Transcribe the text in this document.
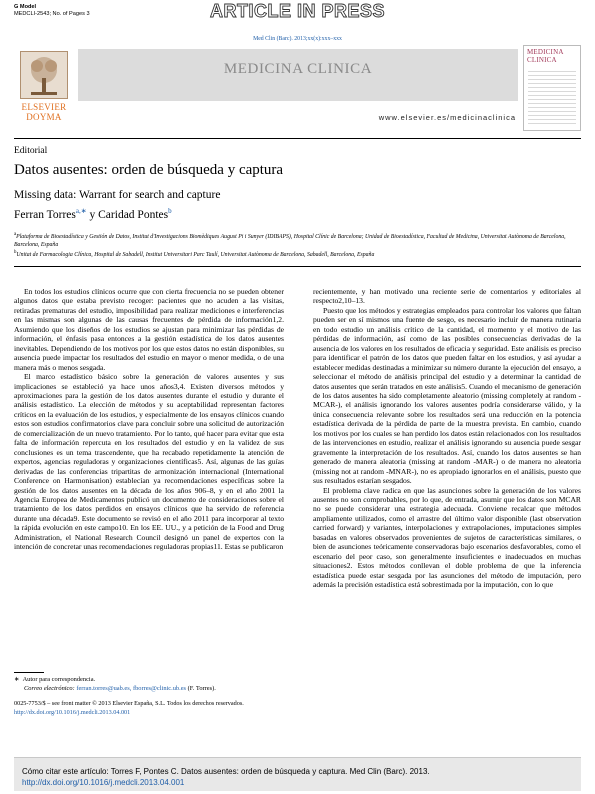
G Model
MEDCLI-2543; No. of Pages 3	ARTICLE IN PRESS
Med Clin (Barc). 2013;xx(x):xxx–xxx
ELSEVIER
DOYMA
MEDICINA CLINICA
www.elsevier.es/medicinaclinica
MEDICINA
CLINICA
Editorial
Datos ausentes: orden de búsqueda y captura
Missing data: Warrant for search and capture
Ferran Torres$^{a,∗}$ y Caridad Pontes$^b$
$^a$Plataforma de Bioestadística y Gestión de Datos, Institut d'Investigacions Biomèdiques August Pi i Sunyer (IDIBAPS), Hospital Clínic de Barcelona; Unidad de Bioestadística, Facultad de Medicina, Universitat Autònoma de Barcelona, Barcelona, España
$^b$Unitat de Farmacologia Clínica, Hospital de Sabadell, Institut Universitari Parc Taulí, Universitat Autònoma de Barcelona, Sabadell, Barcelona, España

En todos los estudios clínicos ocurre que con cierta frecuencia no se pueden obtener algunos datos que estaba previsto recoger: pacientes que no acuden a las visitas, retiradas prematuras del estudio, imposibilidad para realizar mediciones e interferencias en las mismas son algunas de las causas frecuentes de pérdida de información1,2. Asumiendo que los diseños de los estudios se ajustan para minimizar las pérdidas de información, el énfasis pasa entonces a la gestión estadística de los datos ausentes inevitables. Dependiendo de los motivos por los que estos datos no están disponibles, su ausencia puede impactar los resultados del estudio en mayor o menor medida, o de una manera más o menos sesgada.

El marco estadístico básico sobre la generación de valores ausentes y sus implicaciones se estableció ya hace unos años3,4. Existen diversos métodos y aproximaciones para la gestión de los datos ausentes durante el estudio y durante el análisis estadístico. La elección de métodos y su aceptabilidad representan factores críticos en la evaluación de los estudios, y especialmente de los ensayos clínicos cuando estos son estudios confirmatorios clave para concluir sobre una solicitud de autorización de comercialización de un nuevo tratamiento. Por lo tanto, qué hacer para evitar que esta falta de información repercuta en los resultados del estudio y en la validez de sus conclusiones es un tema trascendente, que ha recabado repetidamente la atención de expertos, agencias reguladoras y organizaciones científicas5. Así, algunas de las guías derivadas de las conferencias tripartitas de armonización internacional (International Conference on Harmonisation) establecían ya recomendaciones específicas sobre la gestión de los datos ausentes en la década de los años 906–8, y en el año 2001 la Agencia Europea de Medicamentos publicó un documento de consideraciones sobre el tratamiento de los datos perdidos en ensayos clínicos que ha servido de referencia durante una década9. Este documento se revisó en el año 2011 para incorporar al texto la rápida evolución en este campo10. En los EE. UU., y a petición de la Food and Drug Administration, el National Research Council designó un panel de expertos con la intención de concretar unas recomendaciones reguladoras propias11. Estas se publicaron

recientemente, y han motivado una reciente serie de comentarios y editoriales al respecto2,10–13.

Puesto que los métodos y estrategias empleados para controlar los valores que faltan pueden ser en sí mismos una fuente de sesgo, es necesario incluir de manera rutinaria en todo estudio un análisis crítico de la cantidad, el momento y el motivo de las pérdidas de información, así como de las posibles consecuencias derivadas de la ausencia de los valores en los resultados de eficacia y seguridad. Este análisis es preciso para identificar el patrón de los datos que pueden faltar en los estudios, y así ayudar a establecer medidas destinadas a minimizar su número durante la ejecución del ensayo, a seleccionar el método de análisis principal del estudio y a determinar la cantidad de datos ausentes que serán tratados en este análisis5. Cuando el mecanismo de generación de los datos ausentes ha sido completamente aleatorio (missing completely at random -MCAR-), el análisis ignorando los valores ausentes podría considerarse válido, y la única consecuencia relevante sobre los resultados será una reducción en la potencia estadística derivada de la pérdida de parte de la muestra prevista. En cambio, cuando los motivos por los cuales se han perdido los datos están relacionados con los resultados de las intervenciones en estudio, realizar el análisis ignorando su ausencia puede sesgar gravemente la interpretación de los resultados. Así, cuando los datos ausentes se han generado de manera aleatoria (missing at random -MAR-) o de manera no aleatoria (missing not at random -MNAR-), no es apropiado ignorarlos en el análisis, puesto que sus resultados estarían sesgados.

El problema clave radica en que las asunciones sobre la generación de los valores ausentes no son comprobables, por lo que, de entrada, asumir que los datos son MCAR no se puede considerar una estrategia adecuada. Conviene recalcar que métodos ampliamente utilizados, como el arrastre del último valor disponible (last observation carried forward) y variantes, interpolaciones y extrapolaciones, imputaciones simples basadas en valores observados provenientes de sujetos de características similares, o bien de asunciones teóricamente conservadoras bajo escenarios desfavorables, como el escenario del peor caso, son generalmente insuficientes e inadecuados en muchas situaciones2. Estos métodos conllevan el doble problema de que la inferencia estadística puede estar sesgada por las asunciones del método de imputación, pero además la precisión estadística está sobrestimada por la imputación, con lo que

∗ Autor para correspondencia.
Correo electrónico: ferran.torres@uab.es, fborres@clinic.ub.es (F. Torres).
0025-7753/$ – see front matter © 2013 Elsevier España, S.L. Todos los derechos reservados.
http://dx.doi.org/10.1016/j.medcli.2013.04.001
Cómo citar este artículo: Torres F, Pontes C. Datos ausentes: orden de búsqueda y captura. Med Clin (Barc). 2013. http://dx.doi.org/10.1016/j.medcli.2013.04.001
